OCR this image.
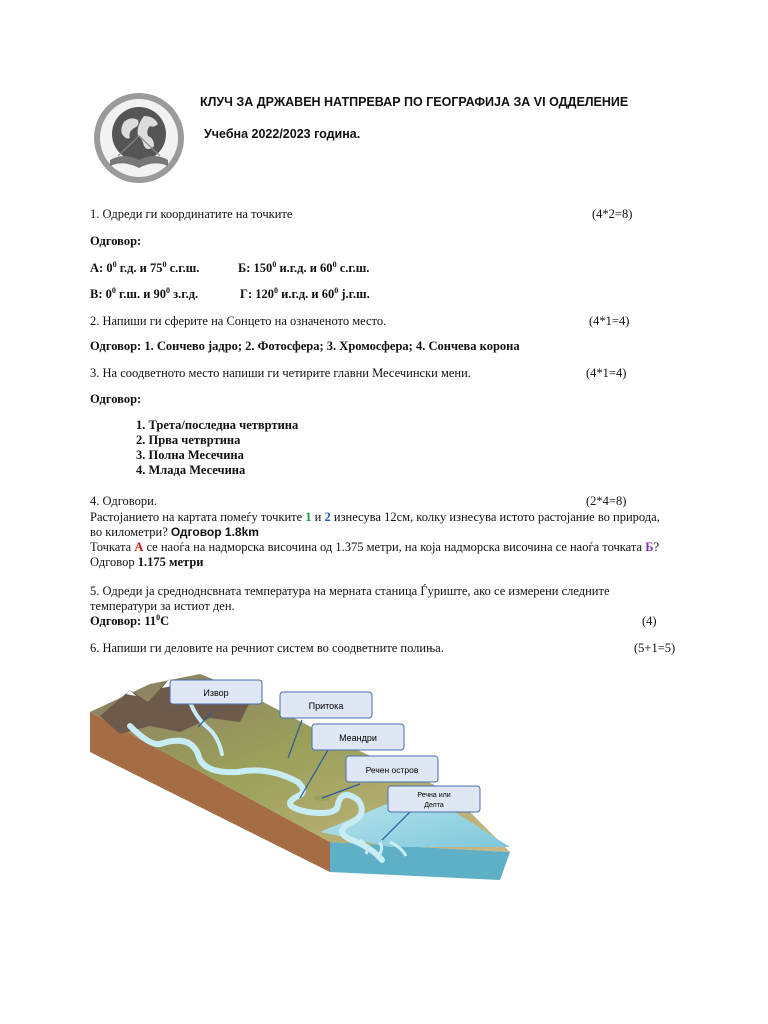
КЛУЧ ЗА ДРЖАВЕН НАТПРЕВАР ПО ГЕОГРАФИЈА ЗА VI ОДДЕЛЕНИЕ
Учебна 2022/2023 година.
1. Одреди ги координатите на точките	(4*2=8)
Одговор:
А: $0^0$ г.д. и $75^0$ с.г.ш.	Б: $150^0$ и.г.д. и $60^0$ с.г.ш.
В: $0^0$ г.ш. и $90^0$ з.г.д.	Г: $120^0$ и.г.д. и $60^0$ ј.г.ш.
2. Напиши ги сферите на Сонцето на означеното место.	(4*1=4)
Одговор: 1. Сончево јадро; 2. Фотосфера; 3. Хромосфера; 4. Сончева корона
3. На соодветното место напиши ги четирите главни Месечински мени.	(4*1=4)
Одговор:
1. Трета/последна четвртина
2. Прва четвртина
3. Полна Месечина
4. Млада Месечина
4. Одговори.	(2*4=8)
Растојанието на картата помеѓу точките 1 и 2 изнесува 12см, колку изнесува истото растојание во природа,
во километри? Одговор 1.8km
Точката А се наоѓа на надморска височина од 1.375 метри, на која надморска височина се наоѓа точката Б?
Одговор 1.175 метри
5. Одреди ја средноднсвната температура на мерната станица Ѓуриште, ако се измерени следните
температури за истиот ден.
Одговор: $11^0C$	(4)
6. Напиши ги деловите на речниот систем во соодветните полиња.	(5+1=5)
Извор
Притока
Меандри
Речен остров
Речна или
Делта
